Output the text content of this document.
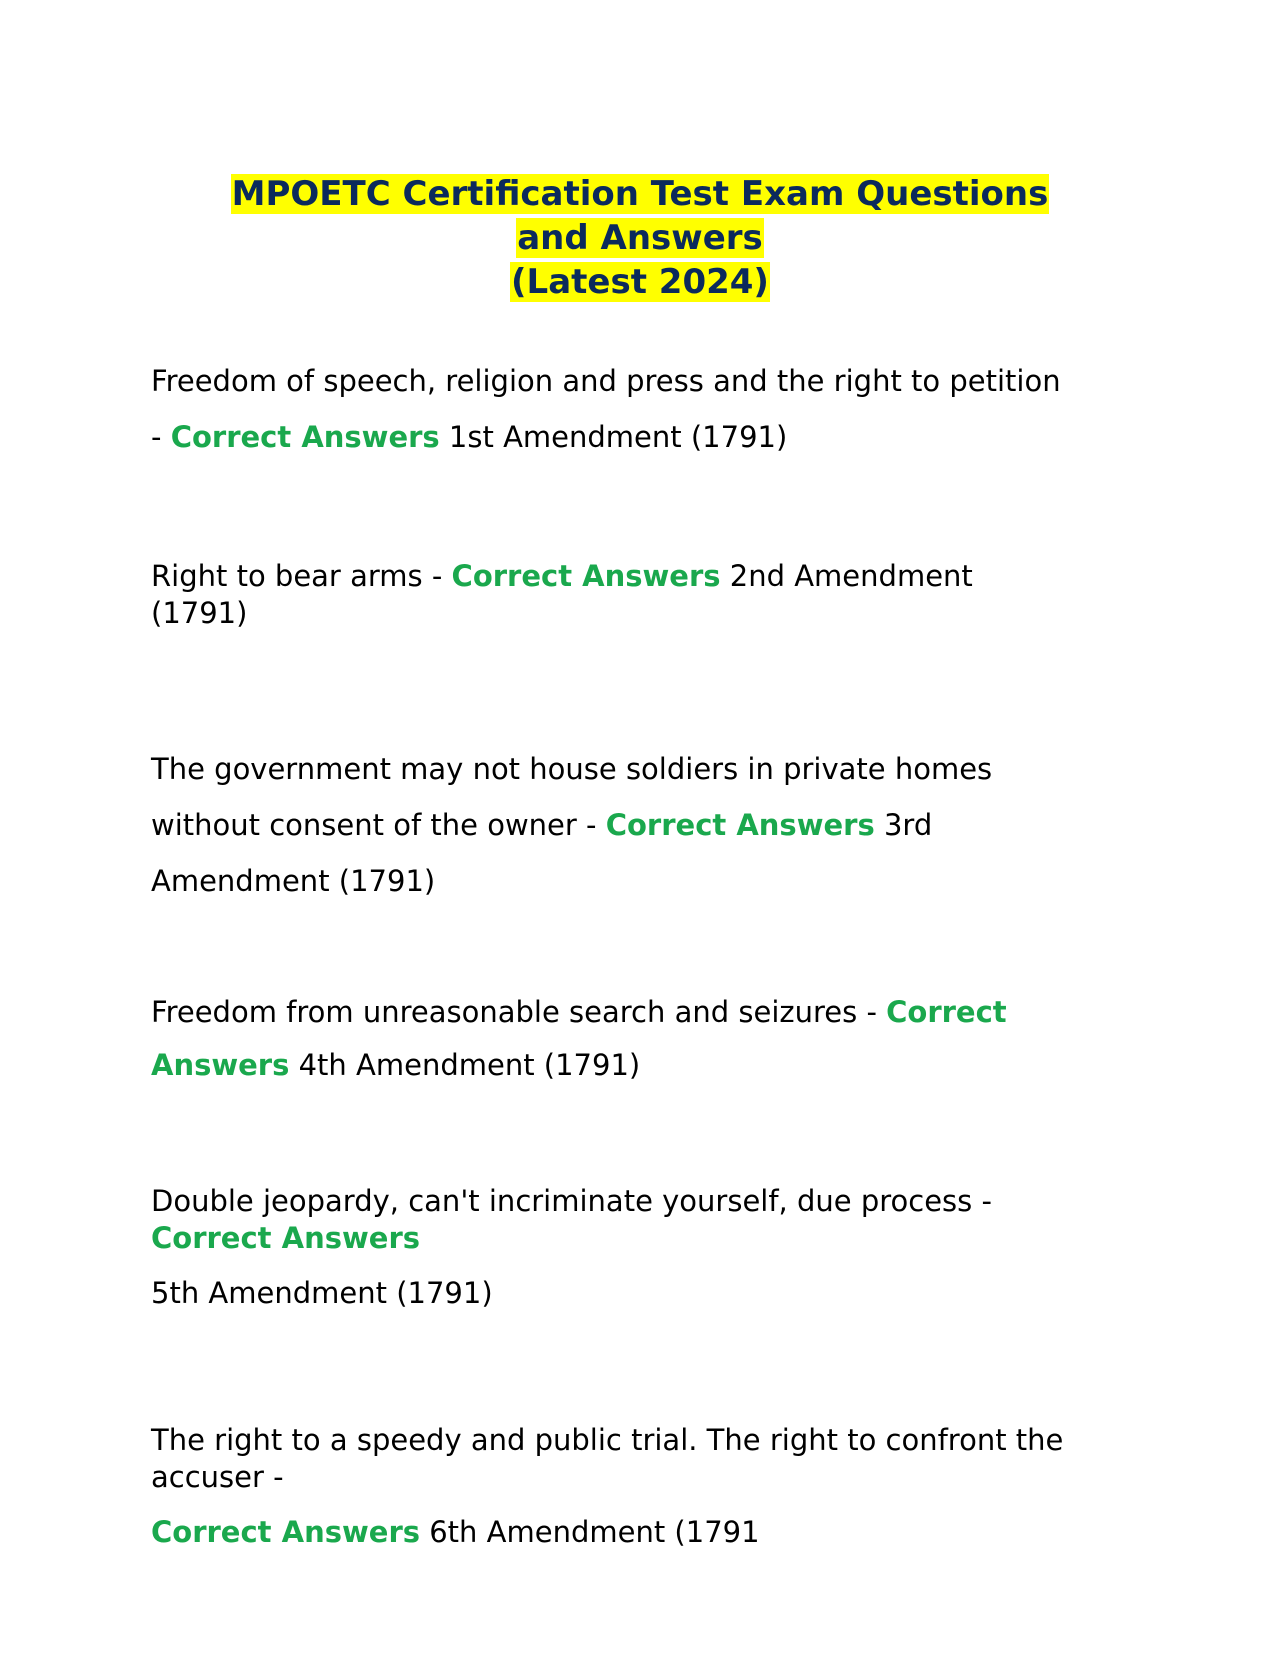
MPOETC Certification Test Exam Questions
and Answers
(Latest 2024)
Freedom of speech, religion and press and the right to petition
- Correct Answers 1st Amendment (1791)
Right to bear arms - Correct Answers 2nd Amendment
(1791)
The government may not house soldiers in private homes
without consent of the owner - Correct Answers 3rd
Amendment (1791)
Freedom from unreasonable search and seizures - Correct
Answers 4th Amendment (1791)
Double jeopardy, can't incriminate yourself, due process -
Correct Answers
5th Amendment (1791)
The right to a speedy and public trial. The right to confront the
accuser -
Correct Answers 6th Amendment (1791
